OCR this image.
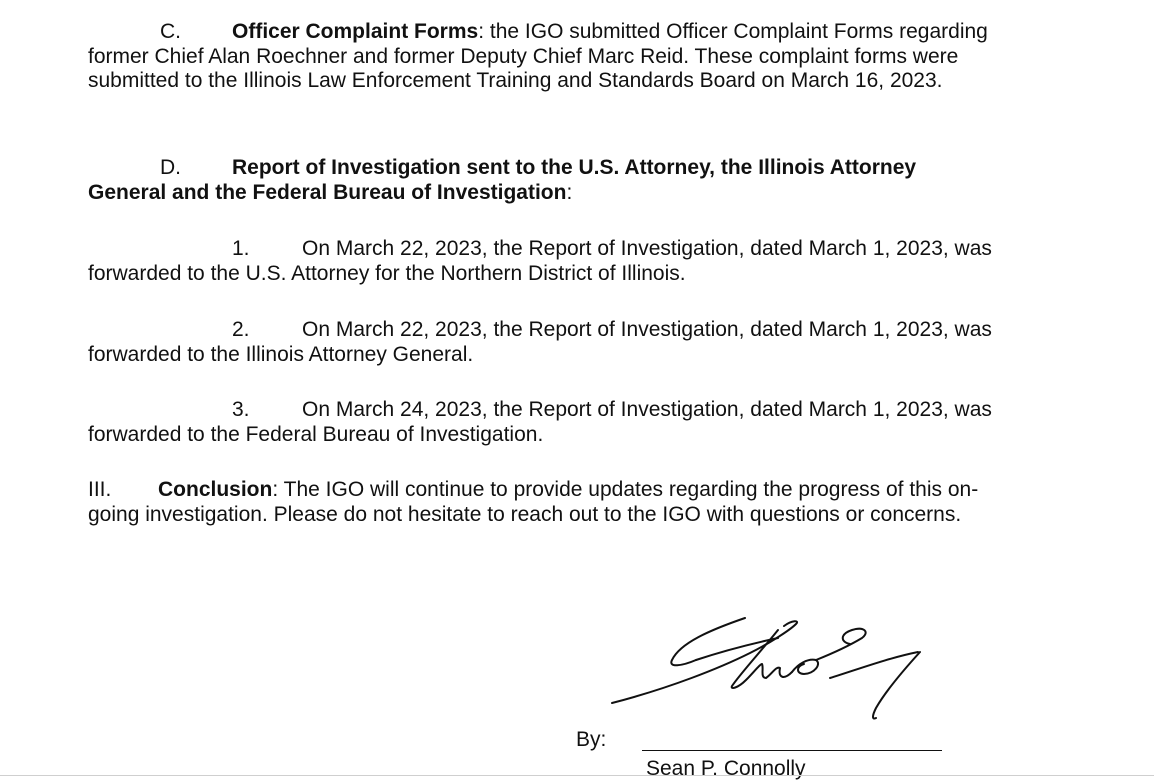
C. Officer Complaint Forms: the IGO submitted Officer Complaint Forms regarding former Chief Alan Roechner and former Deputy Chief Marc Reid. These complaint forms were submitted to the Illinois Law Enforcement Training and Standards Board on March 16, 2023.

D. Report of Investigation sent to the U.S. Attorney, the Illinois Attorney General and the Federal Bureau of Investigation:

1. On March 22, 2023, the Report of Investigation, dated March 1, 2023, was forwarded to the U.S. Attorney for the Northern District of Illinois.

2. On March 22, 2023, the Report of Investigation, dated March 1, 2023, was forwarded to the Illinois Attorney General.

3. On March 24, 2023, the Report of Investigation, dated March 1, 2023, was forwarded to the Federal Bureau of Investigation.

III. Conclusion: The IGO will continue to provide updates regarding the progress of this on-going investigation. Please do not hesitate to reach out to the IGO with questions or concerns.

By:
Sean P. Connolly
